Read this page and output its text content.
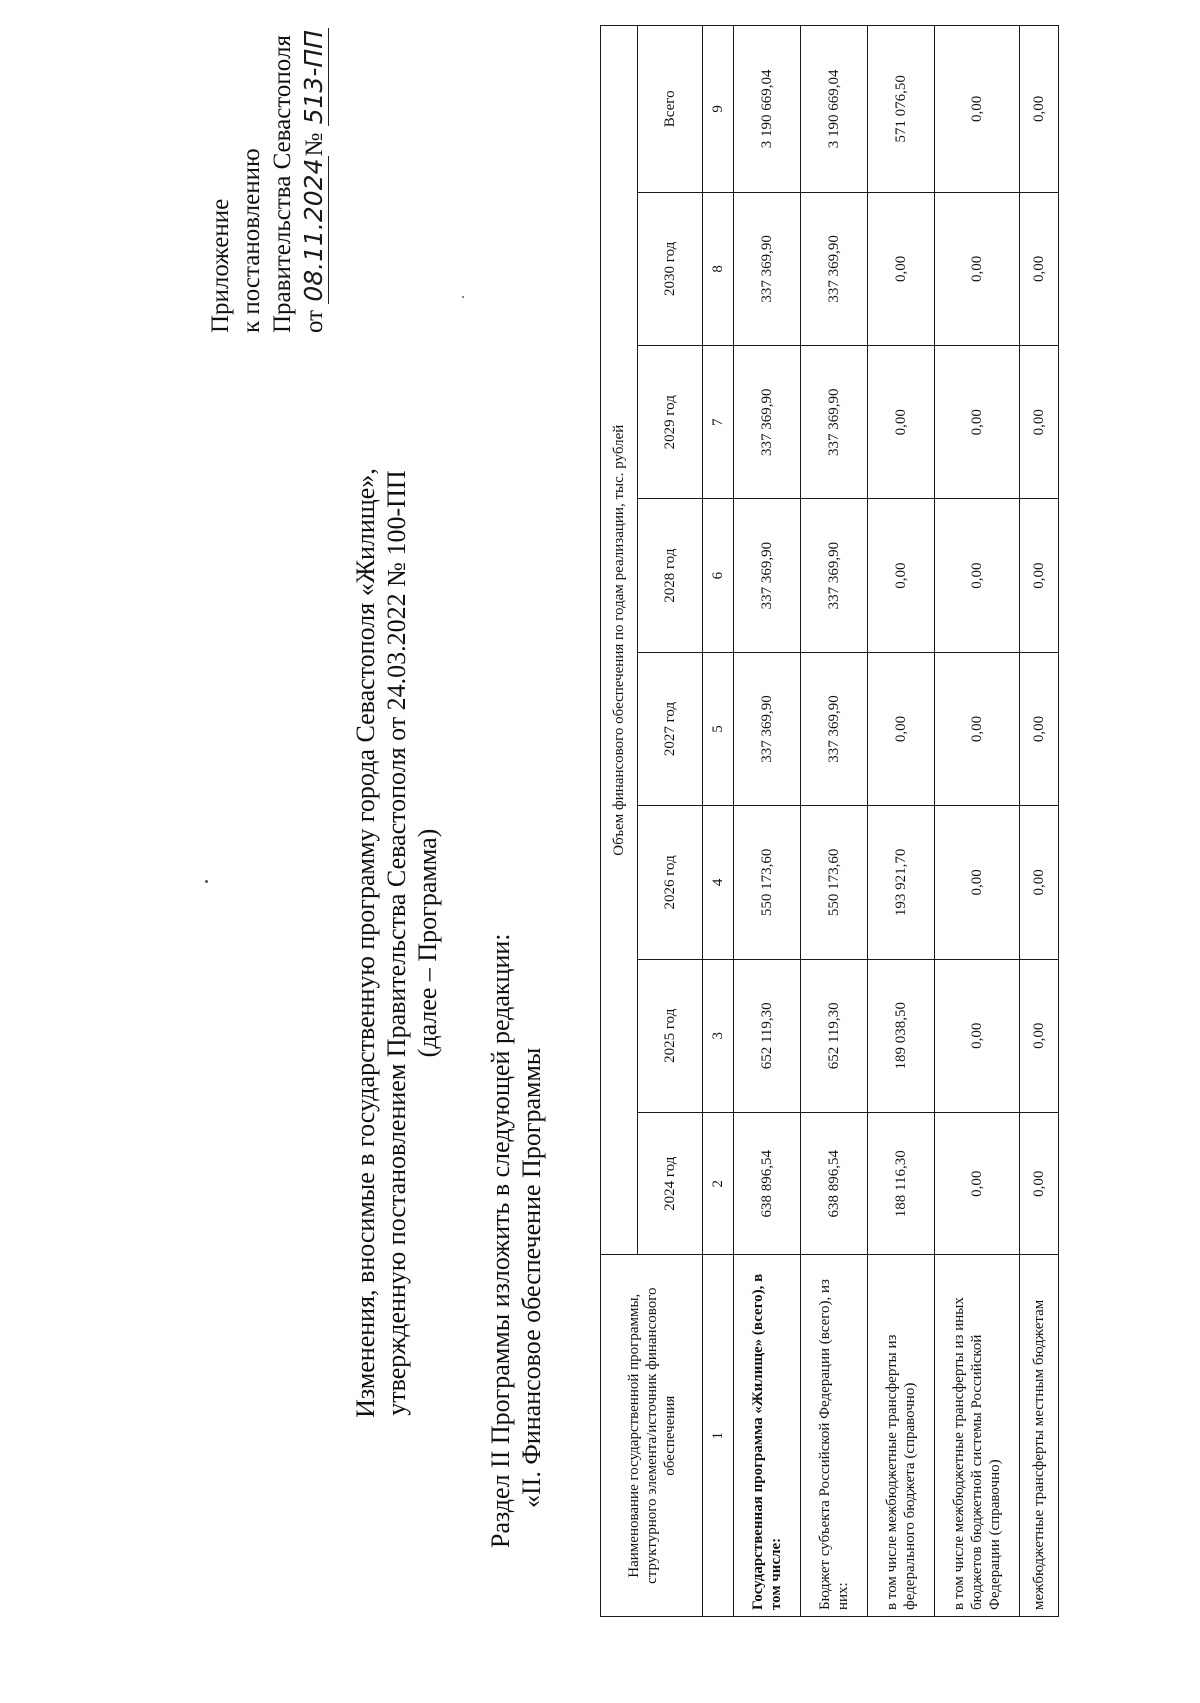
Приложение к постановлению Правительства Севастополя от 08.11.2024№ 513-ПП
Изменения, вносимые в государственную программу города Севастополя «Жилище», утвержденную постановлением Правительства Севастополя от 24.03.2022 № 100-ПП (далее – Программа) Раздел II Программы изложить в следующей редакции: «II. Финансовое обеспечение Программы	Наименование государственной программы, структурного элемента/источник финансового обеспечения	Объем финансового обеспечения по годам реализации, тыс. рублей							
	2024 год	2025 год	2026 год	2027 год	2028 год	2029 год	2030 год	Всего
1	2	3	4	5	6	7	8	9
Государственная программа «Жилище» (всего), в том числе:	638 896,54	652 119,30	550 173,60	337 369,90	337 369,90	337 369,90	337 369,90	3 190 669,04
Бюджет субъекта Российской Федерации (всего), из них:	638 896,54	652 119,30	550 173,60	337 369,90	337 369,90	337 369,90	337 369,90	3 190 669,04
в том числе межбюджетные трансферты из федерального бюджета (справочно)	188 116,30	189 038,50	193 921,70	0,00	0,00	0,00	0,00	571 076,50
в том числе межбюджетные трансферты из иных бюджетов бюджетной системы Российской Федерации (справочно)	0,00	0,00	0,00	0,00	0,00	0,00	0,00	0,00
межбюджетные трансферты местным бюджетам	0,00	0,00	0,00	0,00	0,00	0,00	0,00	0,00
